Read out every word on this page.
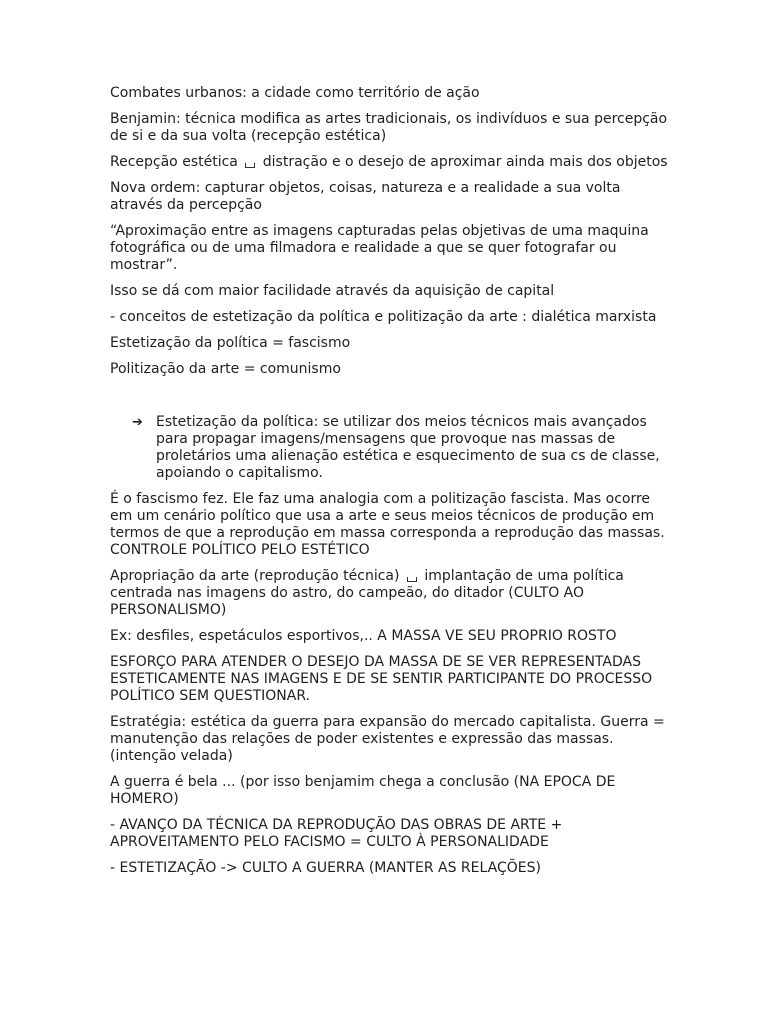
Combates urbanos: a cidade como território de ação

Benjamin: técnica modifica as artes tradicionais, os indivíduos e sua percepção de si e da sua volta (recepção estética)

Recepção estética distração e o desejo de aproximar ainda mais dos objetos

Nova ordem: capturar objetos, coisas, natureza e a realidade a sua volta através da percepção

“Aproximação entre as imagens capturadas pelas objetivas de uma maquina fotográfica ou de uma filmadora e realidade a que se quer fotografar ou mostrar”.

Isso se dá com maior facilidade através da aquisição de capital

- conceitos de estetização da política e politização da arte : dialética marxista

Estetização da política = fascismo

Politização da arte = comunismo

➔ Estetização da política: se utilizar dos meios técnicos mais avançados para propagar imagens/mensagens que provoque nas massas de proletários uma alienação estética e esquecimento de sua cs de classe, apoiando o capitalismo.

É o fascismo fez. Ele faz uma analogia com a politização fascista. Mas ocorre em um cenário político que usa a arte e seus meios técnicos de produção em termos de que a reprodução em massa corresponda a reprodução das massas. CONTROLE POLÍTICO PELO ESTÉTICO

Apropriação da arte (reprodução técnica) implantação de uma política centrada nas imagens do astro, do campeão, do ditador (CULTO AO PERSONALISMO)

Ex: desfiles, espetáculos esportivos,.. A MASSA VE SEU PROPRIO ROSTO

ESFORÇO PARA ATENDER O DESEJO DA MASSA DE SE VER REPRESENTADAS ESTETICAMENTE NAS IMAGENS E DE SE SENTIR PARTICIPANTE DO PROCESSO POLÍTICO SEM QUESTIONAR.

Estratégia: estética da guerra para expansão do mercado capitalista. Guerra = manutenção das relações de poder existentes e expressão das massas. (intenção velada)

A guerra é bela ... (por isso benjamim chega a conclusão (NA EPOCA DE HOMERO)

- AVANÇO DA TÉCNICA DA REPRODUÇÃO DAS OBRAS DE ARTE + APROVEITAMENTO PELO FACISMO = CULTO À PERSONALIDADE

- ESTETIZAÇÃO -> CULTO A GUERRA (MANTER AS RELAÇÕES)
